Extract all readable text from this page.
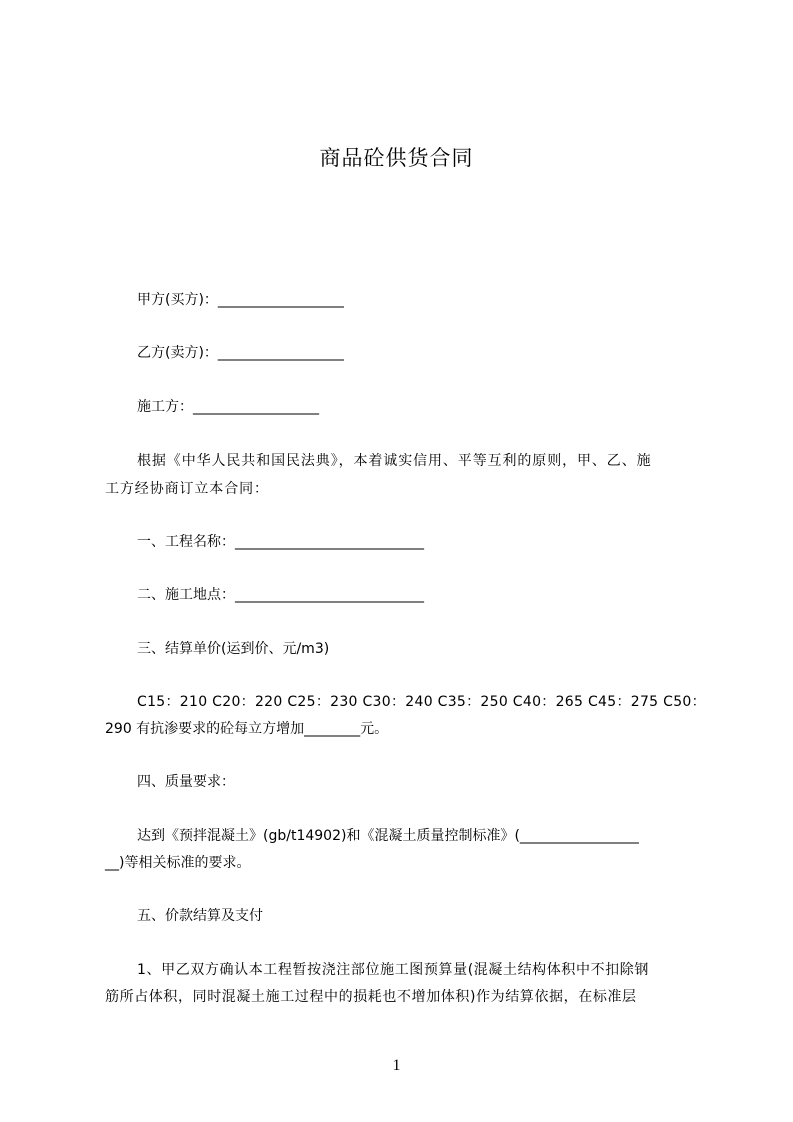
商品砼供货合同
甲方(买方)：__________________
乙方(卖方)：__________________
施工方：__________________
根据《中华人民共和国民法典》，本着诚实信用、平等互利的原则，甲、乙、施
工方经协商订立本合同：
一、工程名称：___________________________
二、施工地点：___________________________
三、结算单价(运到价、元/m3)
C15：210 C20：220 C25：230 C30：240 C35：250 C40：265 C45：275 C50：
290 有抗渗要求的砼每立方增加________元。
四、质量要求：
达到《预拌混凝土》(gb/t14902)和《混凝土质量控制标准》(_________________
__)等相关标准的要求。
五、价款结算及支付
1、甲乙双方确认本工程暂按浇注部位施工图预算量(混凝土结构体积中不扣除钢
筋所占体积，同时混凝土施工过程中的损耗也不增加体积)作为结算依据，在标准层
1
